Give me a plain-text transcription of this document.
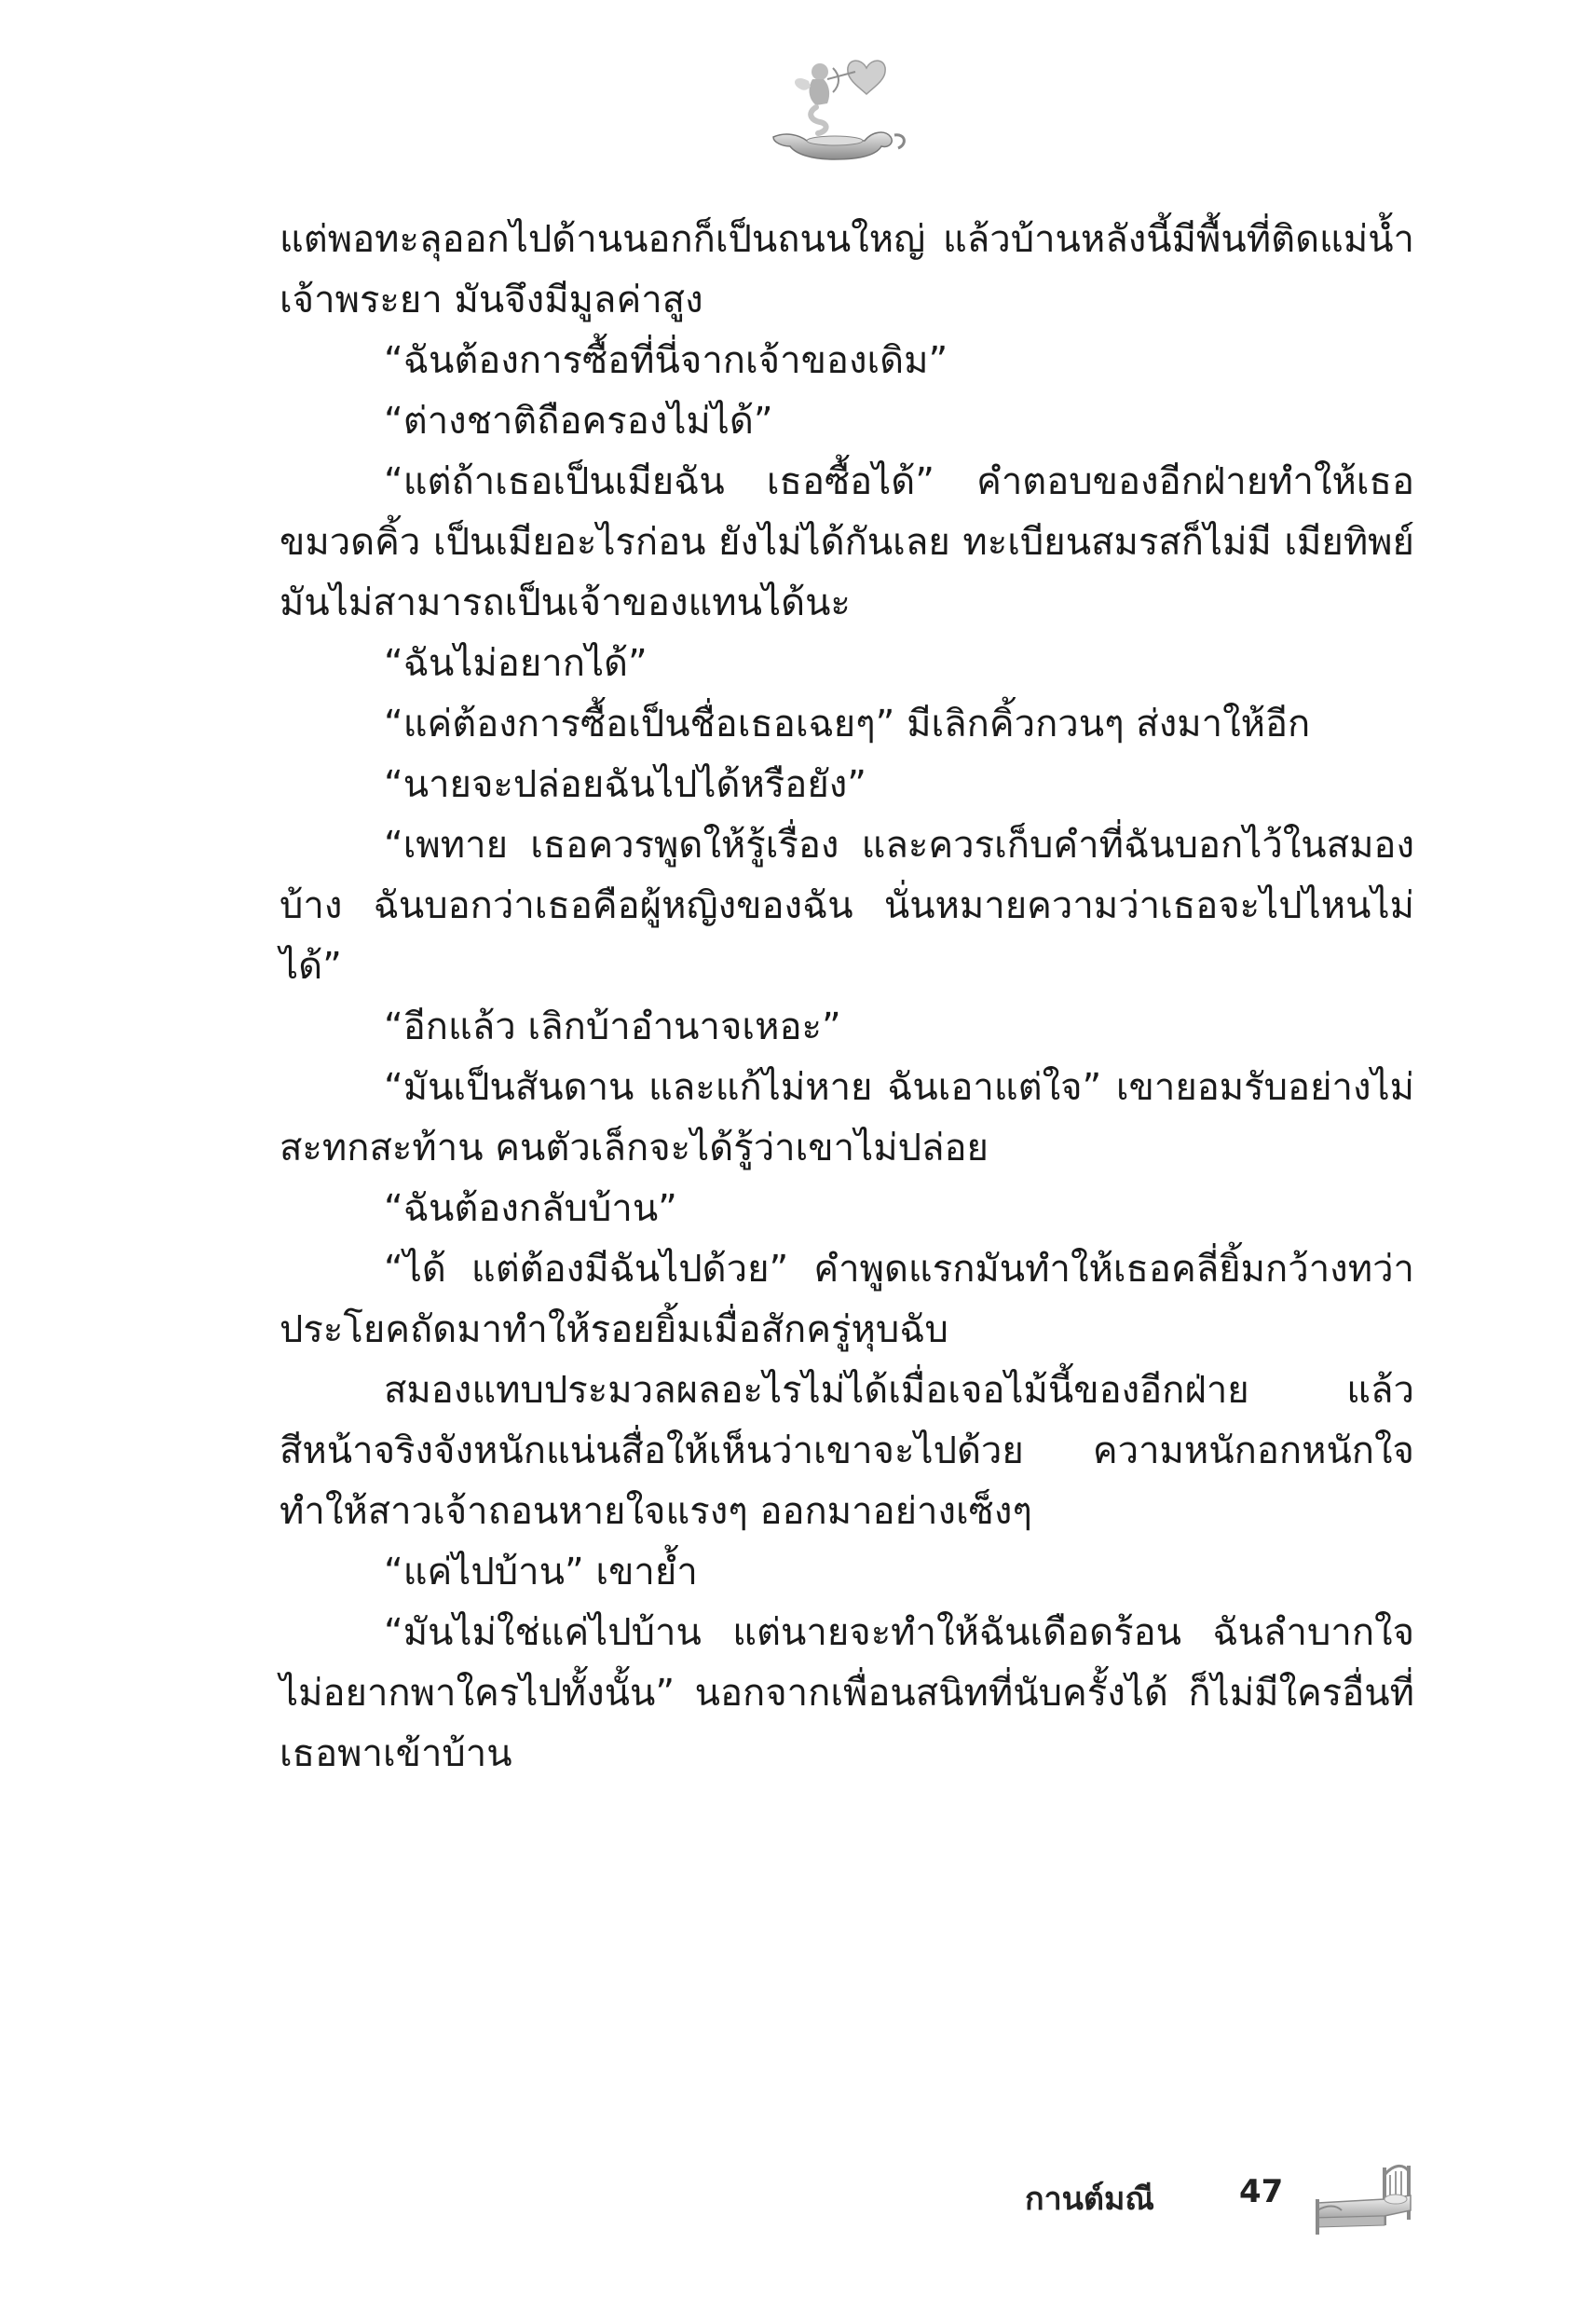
แต่พอทะลุออกไปด้านนอกก็เป็นถนนใหญ่ แล้วบ้านหลังนี้มีพื้นที่ติดแม่น้ำเจ้าพระยา มันจึงมีมูลค่าสูง

“ฉันต้องการซื้อที่นี่จากเจ้าของเดิม”

“ต่างชาติถือครองไม่ได้”

“แต่ถ้าเธอเป็นเมียฉัน เธอซื้อได้” คำตอบของอีกฝ่ายทำให้เธอขมวดคิ้ว เป็นเมียอะไรก่อน ยังไม่ได้กันเลย ทะเบียนสมรสก็ไม่มี เมียทิพย์มันไม่สามารถเป็นเจ้าของแทนได้นะ

“ฉันไม่อยากได้”

“แค่ต้องการซื้อเป็นชื่อเธอเฉยๆ” มีเลิกคิ้วกวนๆ ส่งมาให้อีก

“นายจะปล่อยฉันไปได้หรือยัง”

“เพทาย เธอควรพูดให้รู้เรื่อง และควรเก็บคำที่ฉันบอกไว้ในสมองบ้าง ฉันบอกว่าเธอคือผู้หญิงของฉัน นั่นหมายความว่าเธอจะไปไหนไม่ได้”

“อีกแล้ว เลิกบ้าอำนาจเหอะ”

“มันเป็นสันดาน และแก้ไม่หาย ฉันเอาแต่ใจ” เขายอมรับอย่างไม่สะทกสะท้าน คนตัวเล็กจะได้รู้ว่าเขาไม่ปล่อย

“ฉันต้องกลับบ้าน”

“ได้ แต่ต้องมีฉันไปด้วย” คำพูดแรกมันทำให้เธอคลี่ยิ้มกว้างทว่าประโยคถัดมาทำให้รอยยิ้มเมื่อสักครู่หุบฉับ

สมองแทบประมวลผลอะไรไม่ได้เมื่อเจอไม้นี้ของอีกฝ่าย แล้วสีหน้าจริงจังหนักแน่นสื่อให้เห็นว่าเขาจะไปด้วย ความหนักอกหนักใจทำให้สาวเจ้าถอนหายใจแรงๆ ออกมาอย่างเซ็งๆ

“แค่ไปบ้าน” เขาย้ำ

“มันไม่ใช่แค่ไปบ้าน แต่นายจะทำให้ฉันเดือดร้อน ฉันลำบากใจไม่อยากพาใครไปทั้งนั้น” นอกจากเพื่อนสนิทที่นับครั้งได้ ก็ไม่มีใครอื่นที่เธอพาเข้าบ้าน

กานต์มณี	47
